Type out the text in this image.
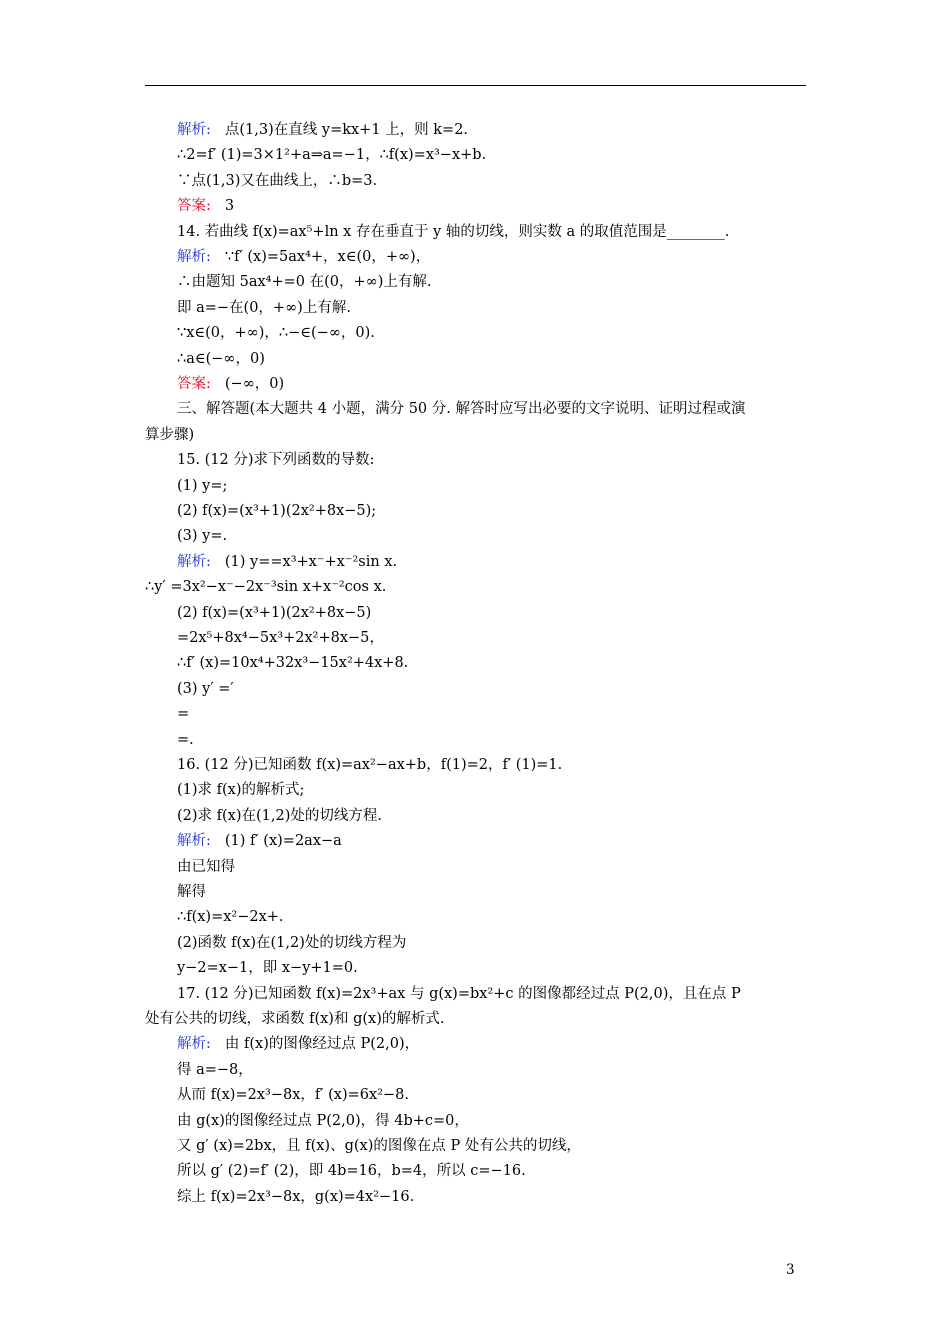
解析: 点(1,3)在直线 y=kx+1 上，则 k=2.
∴2=f′ (1)=3×1²+a⇒a=−1，∴f(x)=x³−x+b.
∵点(1,3)又在曲线上，∴b=3.
答案: 3
14. 若曲线 f(x)=ax⁵+ln x 存在垂直于 y 轴的切线，则实数 a 的取值范围是________.
解析: ∵f′ (x)=5ax⁴+，x∈(0，+∞)，
∴由题知 5ax⁴+=0 在(0，+∞)上有解.
即 a=−在(0，+∞)上有解.
∵x∈(0，+∞)，∴−∈(−∞，0).
∴a∈(−∞，0)
答案: (−∞，0)
三、解答题(本大题共 4 小题，满分 50 分. 解答时应写出必要的文字说明、证明过程或演
算步骤)
15. (12 分)求下列函数的导数:
(1) y=;
(2) f(x)=(x³+1)(2x²+8x−5);
(3) y=.
解析: (1) y==x³+x⁻+x⁻²sin x.
∴y′ =3x²−x⁻−2x⁻³sin x+x⁻²cos x.
(2) f(x)=(x³+1)(2x²+8x−5)
=2x⁵+8x⁴−5x³+2x²+8x−5，
∴f′ (x)=10x⁴+32x³−15x²+4x+8.
(3) y′ =′
=
=.
16. (12 分)已知函数 f(x)=ax²−ax+b，f(1)=2，f′ (1)=1.
(1)求 f(x)的解析式;
(2)求 f(x)在(1,2)处的切线方程.
解析: (1) f′ (x)=2ax−a
由已知得
解得
∴f(x)=x²−2x+.
(2)函数 f(x)在(1,2)处的切线方程为
y−2=x−1，即 x−y+1=0.
17. (12 分)已知函数 f(x)=2x³+ax 与 g(x)=bx²+c 的图像都经过点 P(2,0)，且在点 P
处有公共的切线，求函数 f(x)和 g(x)的解析式.
解析: 由 f(x)的图像经过点 P(2,0)，
得 a=−8，
从而 f(x)=2x³−8x，f′ (x)=6x²−8.
由 g(x)的图像经过点 P(2,0)，得 4b+c=0，
又 g′ (x)=2bx，且 f(x)、g(x)的图像在点 P 处有公共的切线，
所以 g′ (2)=f′ (2)，即 4b=16，b=4，所以 c=−16.
综上 f(x)=2x³−8x，g(x)=4x²−16.
3
